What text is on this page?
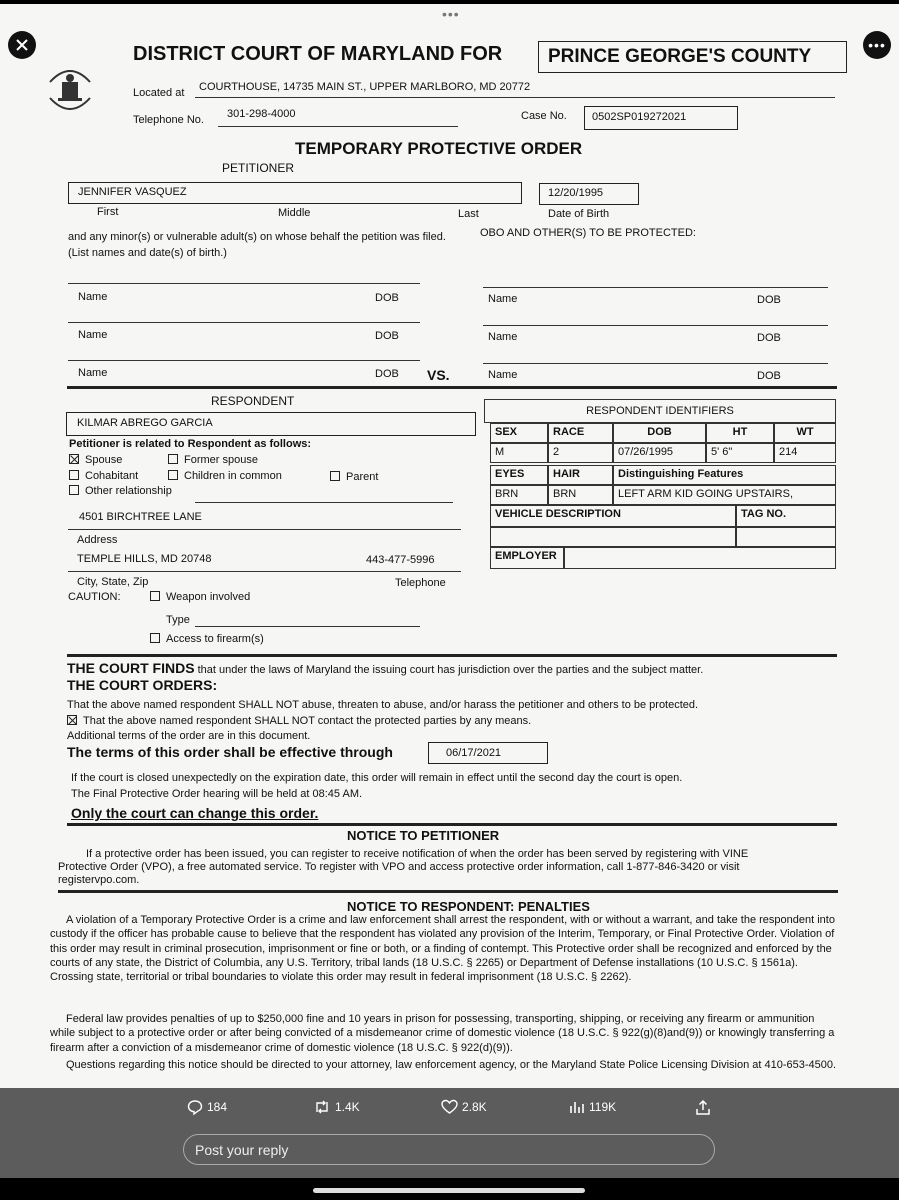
DISTRICT COURT OF MARYLAND FOR PRINCE GEORGE'S COUNTY
Located at COURTHOUSE, 14735 MAIN ST., UPPER MARLBORO, MD 20772
Telephone No. 301-298-4000	Case No. 0502SP019272021
TEMPORARY PROTECTIVE ORDER
PETITIONER
JENNIFER VASQUEZ	12/20/1995
First	Middle	Last	Date of Birth
and any minor(s) or vulnerable adult(s) on whose behalf the petition was filed. (List names and date(s) of birth.)
OBO AND OTHER(S) TO BE PROTECTED:
Name	DOB
Name	DOB
Name	DOB VS.
Name	DOB
Name	DOB
Name	DOB
RESPONDENT
KILMAR ABREGO GARCIA
Petitioner is related to Respondent as follows:
Spouse	Former spouse
Cohabitant	Children in common	Parent
Other relationship
4501 BIRCHTREE LANE
Address
TEMPLE HILLS, MD 20748	443-477-5996
City, State, Zip	Telephone
CAUTION:	Weapon involved
Type
Access to firearm(s)
RESPONDENT IDENTIFIERS
SEX	RACE	DOB	HT	WT
M	2	07/26/1995	5' 6"	214
EYES	HAIR	Distinguishing Features
BRN	BRN	LEFT ARM KID GOING UPSTAIRS,
VEHICLE DESCRIPTION	TAG NO.
EMPLOYER
THE COURT FINDS that under the laws of Maryland the issuing court has jurisdiction over the parties and the subject matter.
THE COURT ORDERS:
That the above named respondent SHALL NOT abuse, threaten to abuse, and/or harass the petitioner and others to be protected.
That the above named respondent SHALL NOT contact the protected parties by any means.
Additional terms of the order are in this document.
The terms of this order shall be effective through	06/17/2021
If the court is closed unexpectedly on the expiration date, this order will remain in effect until the second day the court is open.
The Final Protective Order hearing will be held at 08:45 AM.
Only the court can change this order.
NOTICE TO PETITIONER
If a protective order has been issued, you can register to receive notification of when the order has been served by registering with VINE
Protective Order (VPO), a free automated service. To register with VPO and access protective order information, call 1-877-846-3420 or visit
registervpo.com.
NOTICE TO RESPONDENT: PENALTIES
A violation of a Temporary Protective Order is a crime and law enforcement shall arrest the respondent, with or without a warrant, and take the respondent into custody if the officer has probable cause to believe that the respondent has violated any provision of the Interim, Temporary, or Final Protective Order. Violation of this order may result in criminal prosecution, imprisonment or fine or both, or a finding of contempt. This Protective order shall be recognized and enforced by the courts of any state, the District of Columbia, any U.S. Territory, tribal lands (18 U.S.C. § 2265) or Department of Defense installations (10 U.S.C. § 1561a). Crossing state, territorial or tribal boundaries to violate this order may result in federal imprisonment (18 U.S.C. § 2262).
Federal law provides penalties of up to $250,000 fine and 10 years in prison for possessing, transporting, shipping, or receiving any firearm or ammunition while subject to a protective order or after being convicted of a misdemeanor crime of domestic violence (18 U.S.C. § 922(g)(8)and(9)) or knowingly transferring a firearm after a conviction of a misdemeanor crime of domestic violence (18 U.S.C. § 922(d)(9)).
Questions regarding this notice should be directed to your attorney, law enforcement agency, or the Maryland State Police Licensing Division at 410-653-4500.
•••
•••
184	1.4K	2.8K	119K
Post your reply
